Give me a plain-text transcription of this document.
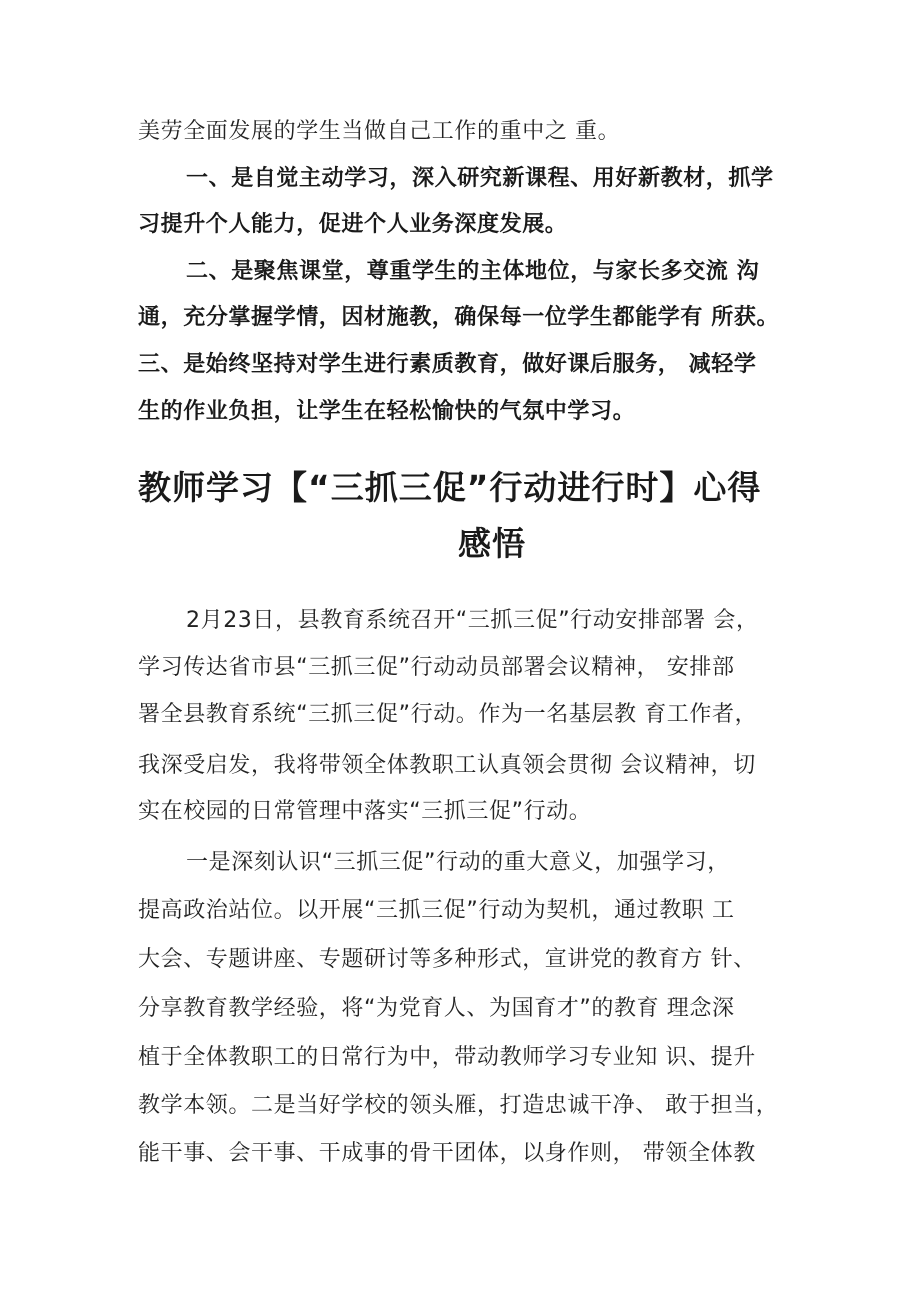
美劳全面发展的学生当做自己工作的重中之 重。
一、是自觉主动学习，深入研究新课程、用好新教材，抓学
习提升个人能力，促进个人业务深度发展。
二、是聚焦课堂，尊重学生的主体地位，与家长多交流 沟
通，充分掌握学情，因材施教，确保每一位学生都能学有 所获。
三、是始终坚持对学生进行素质教育，做好课后服务， 减轻学
生的作业负担，让学生在轻松愉快的气氛中学习。
教师学习【“三抓三促”行动进行时】心得
感悟
2月23日，县教育系统召开“三抓三促”行动安排部署 会，
学习传达省市县“三抓三促”行动动员部署会议精神， 安排部
署全县教育系统“三抓三促”行动。作为一名基层教 育工作者，
我深受启发，我将带领全体教职工认真领会贯彻 会议精神，切
实在校园的日常管理中落实“三抓三促”行动。
一是深刻认识“三抓三促”行动的重大意义，加强学习，
提高政治站位。以开展“三抓三促”行动为契机，通过教职 工
大会、专题讲座、专题研讨等多种形式，宣讲党的教育方 针、
分享教育教学经验，将“为党育人、为国育才”的教育 理念深
植于全体教职工的日常行为中，带动教师学习专业知 识、提升
教学本领。二是当好学校的领头雁，打造忠诚干净、 敢于担当，
能干事、会干事、干成事的骨干团体，以身作则， 带领全体教
